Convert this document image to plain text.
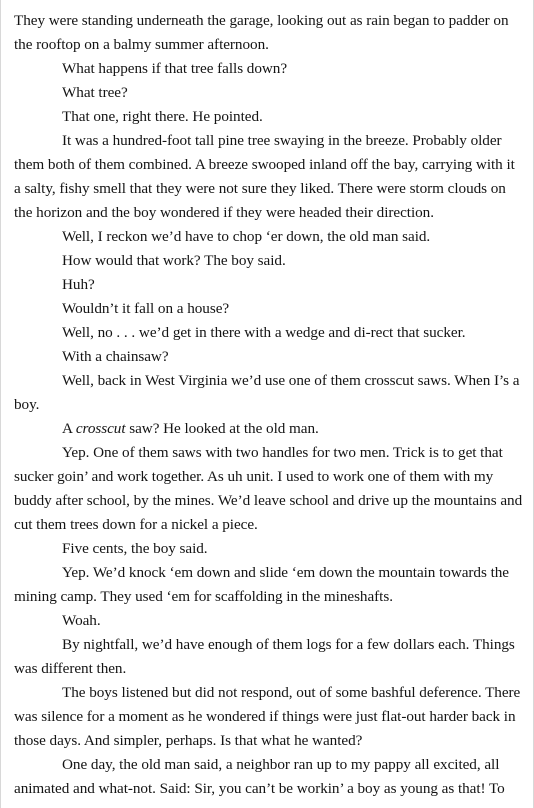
They were standing underneath the garage, looking out as rain began to padder on the rooftop on a balmy summer afternoon.

What happens if that tree falls down?

What tree?

That one, right there. He pointed.

It was a hundred-foot tall pine tree swaying in the breeze. Probably older them both of them combined. A breeze swooped inland off the bay, carrying with it a salty, fishy smell that they were not sure they liked. There were storm clouds on the horizon and the boy wondered if they were headed their direction.

Well, I reckon we’d have to chop ‘er down, the old man said.

How would that work? The boy said.

Huh?

Wouldn’t it fall on a house?

Well, no . . . we’d get in there with a wedge and di-rect that sucker.

With a chainsaw?

Well, back in West Virginia we’d use one of them crosscut saws. When I’s a boy.

A crosscut saw? He looked at the old man.

Yep. One of them saws with two handles for two men. Trick is to get that sucker goin’ and work together. As uh unit. I used to work one of them with my buddy after school, by the mines. We’d leave school and drive up the mountains and cut them trees down for a nickel a piece.

Five cents, the boy said.

Yep. We’d knock ‘em down and slide ‘em down the mountain towards the mining camp. They used ‘em for scaffolding in the mineshafts.

Woah.

By nightfall, we’d have enough of them logs for a few dollars each. Things was different then.

The boys listened but did not respond, out of some bashful deference. There was silence for a moment as he wondered if things were just flat-out harder back in those days. And simpler, perhaps. Is that what he wanted?

One day, the old man said, a neighbor ran up to my pappy all excited, all animated and what-not. Said: Sir, you can’t be workin’ a boy as young as that! To
